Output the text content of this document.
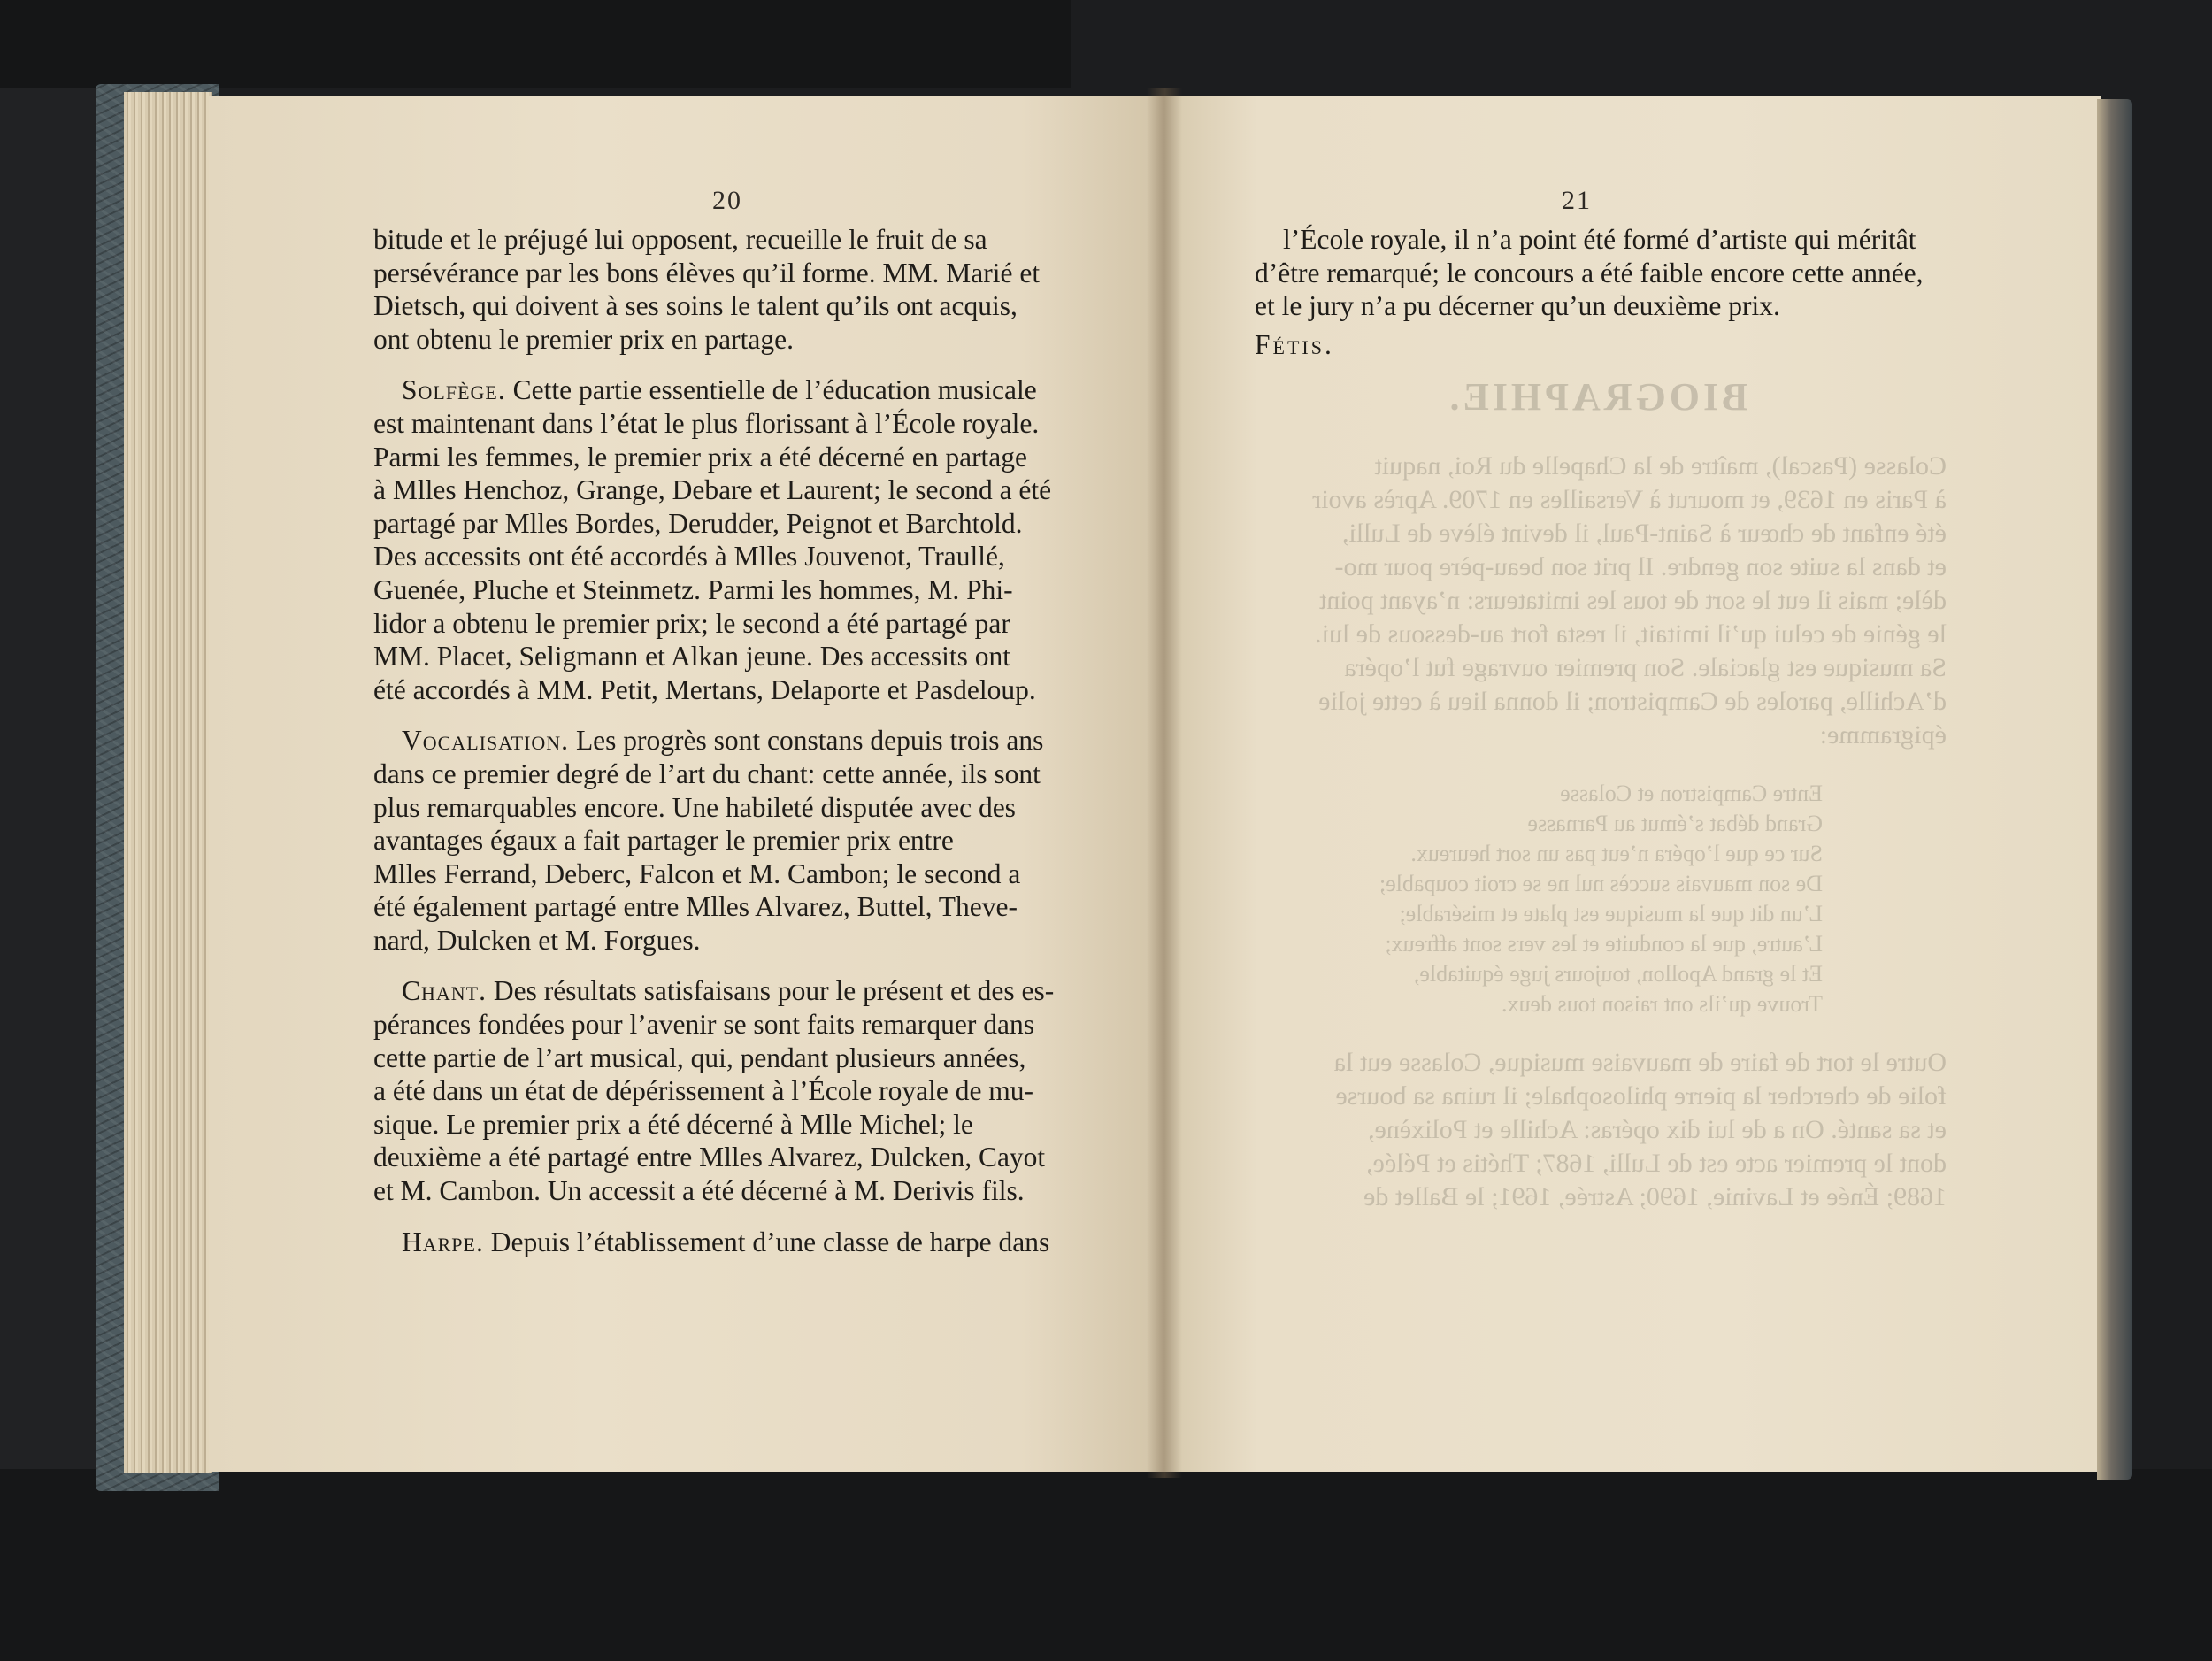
20	21
BIOGRAPHIE.
Colasse (Pascal), maître de la Chapelle du Roi, naquit
à Paris en 1639, et mourut à Versailles en 1709. Après avoir
été enfant de chœur à Saint-Paul, il devint élève de Lulli,
et dans la suite son gendre. Il prit son beau-père pour mo-
dèle; mais il eut le sort de tous les imitateurs: n’ayant point
le génie de celui qu’il imitait, il resta fort au-dessous de lui.
Sa musique est glaciale. Son premier ouvrage fut l’opéra
d’Achille, paroles de Campistron; il donna lieu à cette jolie
épigramme:
Entre Campistron et Colasse
Grand débat s’émut au Parnasse
Sur ce que l’opéra n’eut pas un sort heureux.
De son mauvais succès nul ne se croit coupable;
L’un dit que la musique est plate et misérable;
L’autre, que la conduite et les vers sont affreux;
Et le grand Apollon, toujours juge équitable,
Trouve qu’ils ont raison tous deux.
Outre le tort de faire de mauvaise musique, Colasse eut la
folie de chercher la pierre philosophale; il ruina sa bourse
et sa santé. On a de lui dix opéras: Achille et Polixène,
dont le premier acte est de Lulli, 1687; Thétis et Pélée,
1689; Énée et Lavinie, 1690; Astrée, 1691; le Ballet de
bitude et le préjugé lui opposent, recueille le fruit de sa
persévérance par les bons élèves qu’il forme. MM. Marié et
Dietsch, qui doivent à ses soins le talent qu’ils ont acquis,
ont obtenu le premier prix en partage.
Solfège. Cette partie essentielle de l’éducation musicale
est maintenant dans l’état le plus florissant à l’École royale.
Parmi les femmes, le premier prix a été décerné en partage
à Mlles Henchoz, Grange, Debare et Laurent; le second a été
partagé par Mlles Bordes, Derudder, Peignot et Barchtold.
Des accessits ont été accordés à Mlles Jouvenot, Traullé,
Guenée, Pluche et Steinmetz. Parmi les hommes, M. Phi-
lidor a obtenu le premier prix; le second a été partagé par
MM. Placet, Seligmann et Alkan jeune. Des accessits ont
été accordés à MM. Petit, Mertans, Delaporte et Pasdeloup.
Vocalisation. Les progrès sont constans depuis trois ans
dans ce premier degré de l’art du chant: cette année, ils sont
plus remarquables encore. Une habileté disputée avec des
avantages égaux a fait partager le premier prix entre
Mlles Ferrand, Deberc, Falcon et M. Cambon; le second a
été également partagé entre Mlles Alvarez, Buttel, Theve-
nard, Dulcken et M. Forgues.
Chant. Des résultats satisfaisans pour le présent et des es-
pérances fondées pour l’avenir se sont faits remarquer dans
cette partie de l’art musical, qui, pendant plusieurs années,
a été dans un état de dépérissement à l’École royale de mu-
sique. Le premier prix a été décerné à Mlle Michel; le
deuxième a été partagé entre Mlles Alvarez, Dulcken, Cayot
et M. Cambon. Un accessit a été décerné à M. Derivis fils.
Harpe. Depuis l’établissement d’une classe de harpe dans
l’École royale, il n’a point été formé d’artiste qui méritât
d’être remarqué; le concours a été faible encore cette année,
et le jury n’a pu décerner qu’un deuxième prix.
Fétis.
